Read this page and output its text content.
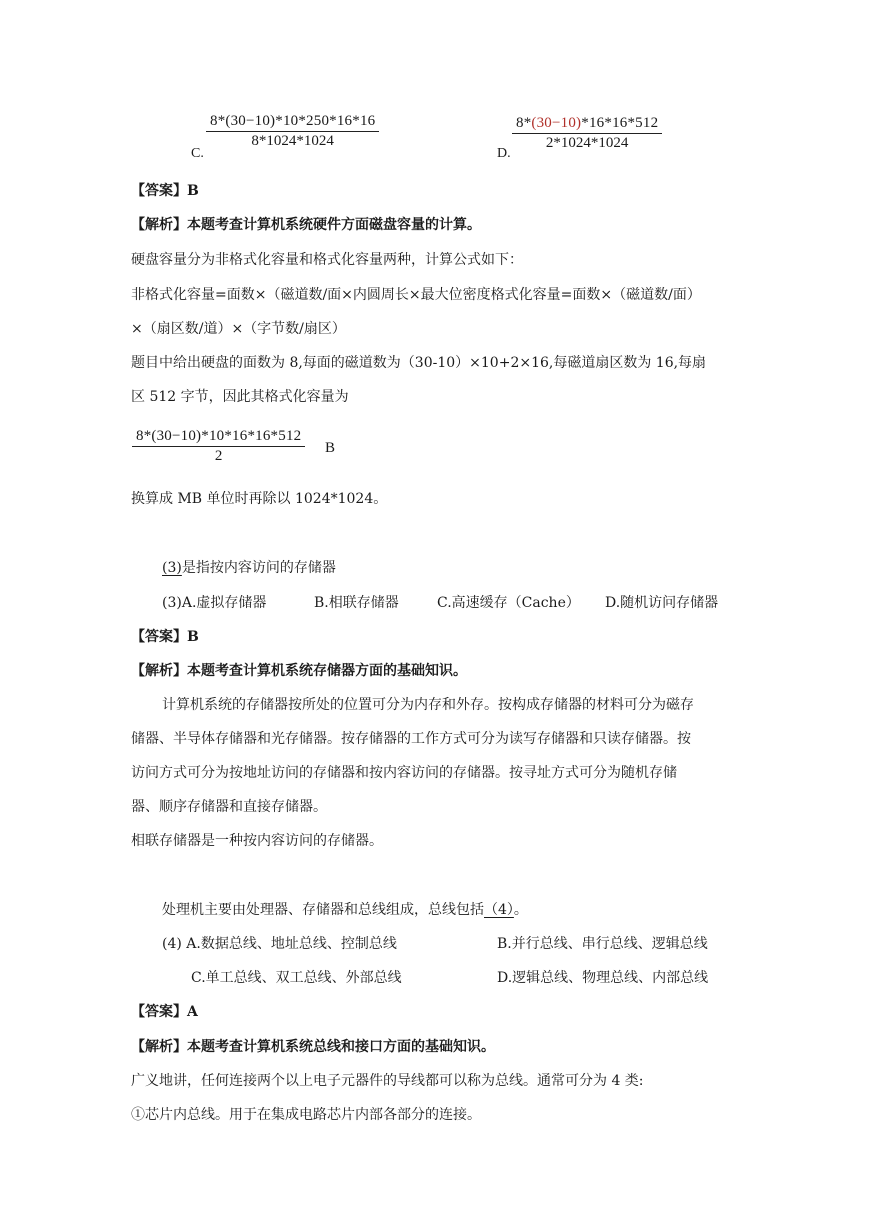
C.
$\frac{8*(30-10)*10*250*16*16}{8*1024*1024}$
D.
$\frac{8*(30-10)*16*16*512}{2*1024*1024}$
【答案】B
【解析】本题考查计算机系统硬件方面磁盘容量的计算。
硬盘容量分为非格式化容量和格式化容量两种，计算公式如下：
非格式化容量=面数×（磁道数/面×内圆周长×最大位密度格式化容量=面数×（磁道数/面）
×（扇区数/道）×（字节数/扇区）
题目中给出硬盘的面数为 8,每面的磁道数为（30-10）×10+2×16,每磁道扇区数为 16,每扇
区 512 字节，因此其格式化容量为
$\frac{8*(30-10)*10*16*16*512}{2}$ B
换算成 MB 单位时再除以 1024*1024。
(3)是指按内容访问的存储器
(3)A.虚拟存储器	B.相联存储器	C.高速缓存（Cache） D.随机访问存储器
【答案】B
【解析】本题考查计算机系统存储器方面的基础知识。
计算机系统的存储器按所处的位置可分为内存和外存。按构成存储器的材料可分为磁存
储器、半导体存储器和光存储器。按存储器的工作方式可分为读写存储器和只读存储器。按
访问方式可分为按地址访问的存储器和按内容访问的存储器。按寻址方式可分为随机存储
器、顺序存储器和直接存储器。
相联存储器是一种按内容访问的存储器。
处理机主要由处理器、存储器和总线组成，总线包括（4）。
(4) A.数据总线、地址总线、控制总线	B.并行总线、串行总线、逻辑总线
C.单工总线、双工总线、外部总线	D.逻辑总线、物理总线、内部总线
【答案】A
【解析】本题考查计算机系统总线和接口方面的基础知识。
广义地讲，任何连接两个以上电子元器件的导线都可以称为总线。通常可分为 4 类:
①芯片内总线。用于在集成电路芯片内部各部分的连接。
